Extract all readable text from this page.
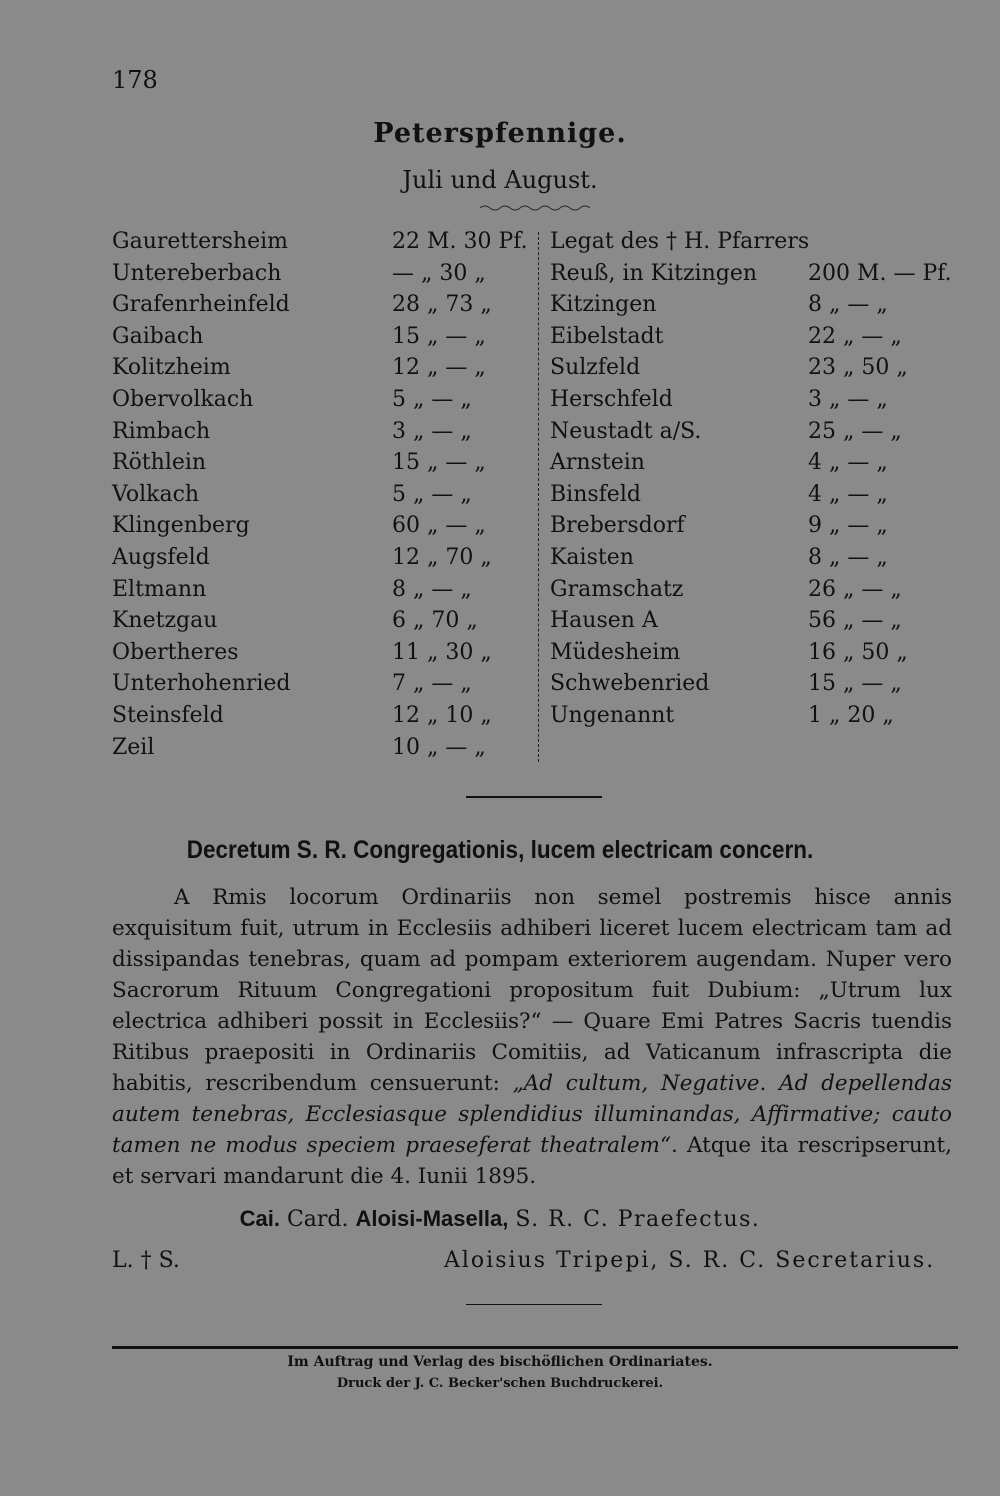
178
Peterspfennige.
Juli und August.
Gaurettersheim	22 M. 30 Pf.
Untereberbach	— „ 30 „
Grafenrheinfeld	28 „ 73 „
Gaibach	15 „ — „
Kolitzheim	12 „ — „
Obervolkach	5 „ — „
Rimbach	3 „ — „
Röthlein	15 „ — „
Volkach	5 „ — „
Klingenberg	60 „ — „
Augsfeld	12 „ 70 „
Eltmann	8 „ — „
Knetzgau	6 „ 70 „
Obertheres	11 „ 30 „
Unterhohenried	7 „ — „
Steinsfeld	12 „ 10 „
Zeil	10 „ — „
Legat des † H. Pfarrers
Reuß, in Kitzingen 200 M. — Pf.
Kitzingen	8 „ — „
Eibelstadt	22 „ — „
Sulzfeld	23 „ 50 „
Herschfeld	3 „ — „
Neustadt a/S.	25 „ — „
Arnstein	4 „ — „
Binsfeld	4 „ — „
Brebersdorf	9 „ — „
Kaisten	8 „ — „
Gramschatz	26 „ — „
Hausen A	56 „ — „
Müdesheim	16 „ 50 „
Schwebenried	15 „ — „
Ungenannt	1 „ 20 „
Decretum S. R. Congregationis, lucem electricam concern.

A Rmis locorum Ordinariis non semel postremis hisce annis exquisitum fuit, utrum in Ecclesiis adhiberi liceret lucem electricam tam ad dissipandas tenebras, quam ad pompam exteriorem augendam. Nuper vero Sacrorum Rituum Congregationi propositum fuit Dubium: „Utrum lux electrica adhiberi possit in Ecclesiis?“ — Quare Emi Patres Sacris tuendis Ritibus praepositi in Ordinariis Comitiis, ad Vaticanum infrascripta die habitis, rescribendum censuerunt: „Ad cultum, Negative. Ad depellendas autem tenebras, Ecclesiasque splendidius illuminandas, Affirmative; cauto tamen ne modus speciem praeseferat theatralem“. Atque ita rescripserunt, et servari mandarunt die 4. Iunii 1895.

Cai. Card. Aloisi-Masella, S. R. C. Praefectus.
L. † S.	Aloisius Tripepi, S. R. C. Secretarius.
Im Auftrag und Verlag des bischöflichen Ordinariates.
Druck der J. C. Becker'schen Buchdruckerei.
